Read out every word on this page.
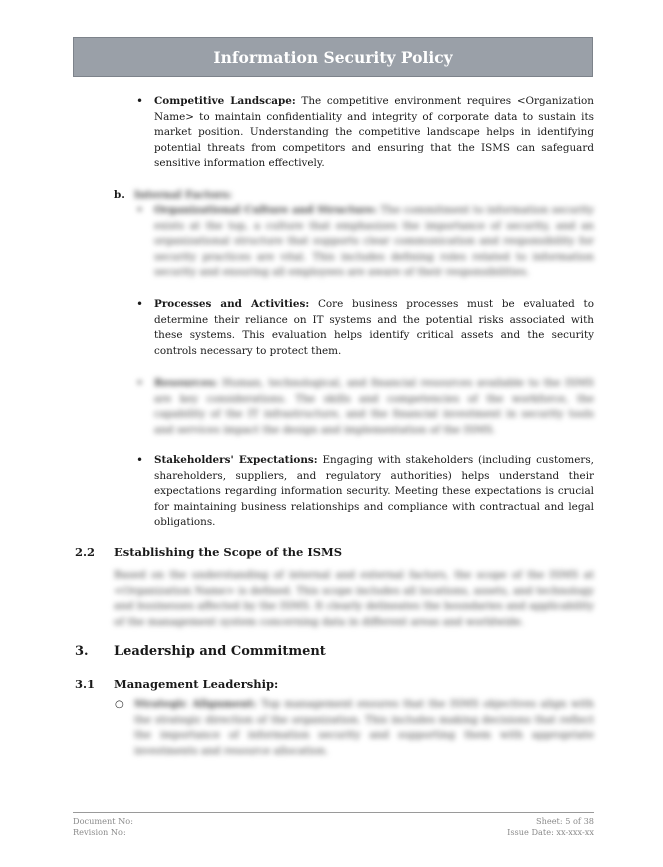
Information Security Policy
• Competitive Landscape: The competitive environment requires <Organization Name> to maintain confidentiality and integrity of corporate data to sustain its market position. Understanding the competitive landscape helps in identifying potential threats from competitors and ensuring that the ISMS can safeguard sensitive information effectively.
b. Internal Factors:
• Organizational Culture and Structure: The commitment to information security exists at the top, a culture that emphasizes the importance of security, and an organizational structure that supports clear communication and responsibility for security practices are vital. This includes defining roles related to information security and ensuring all employees are aware of their responsibilities.
• Processes and Activities: Core business processes must be evaluated to determine their reliance on IT systems and the potential risks associated with these systems. This evaluation helps identify critical assets and the security controls necessary to protect them.
• Resources: Human, technological, and financial resources available to the ISMS are key considerations. The skills and competencies of the workforce, the capability of the IT infrastructure, and the financial investment in security tools and services impact the design and implementation of the ISMS.
• Stakeholders' Expectations: Engaging with stakeholders (including customers, shareholders, suppliers, and regulatory authorities) helps understand their expectations regarding information security. Meeting these expectations is crucial for maintaining business relationships and compliance with contractual and legal obligations.
2.2 Establishing the Scope of the ISMS
Based on the understanding of internal and external factors, the scope of the ISMS at <Organization Name> is defined. This scope includes all locations, assets, and technology and businesses affected by the ISMS. It clearly delineates the boundaries and applicability of the management system concerning data in different areas and worldwide.
3. Leadership and Commitment
3.1 Management Leadership:
○ Strategic Alignment: Top management ensures that the ISMS objectives align with the strategic direction of the organization. This includes making decisions that reflect the importance of information security and supporting them with appropriate investments and resource allocation.
Document No:
Revision No:
Sheet: 5 of 38
Issue Date: xx-xxx-xx
